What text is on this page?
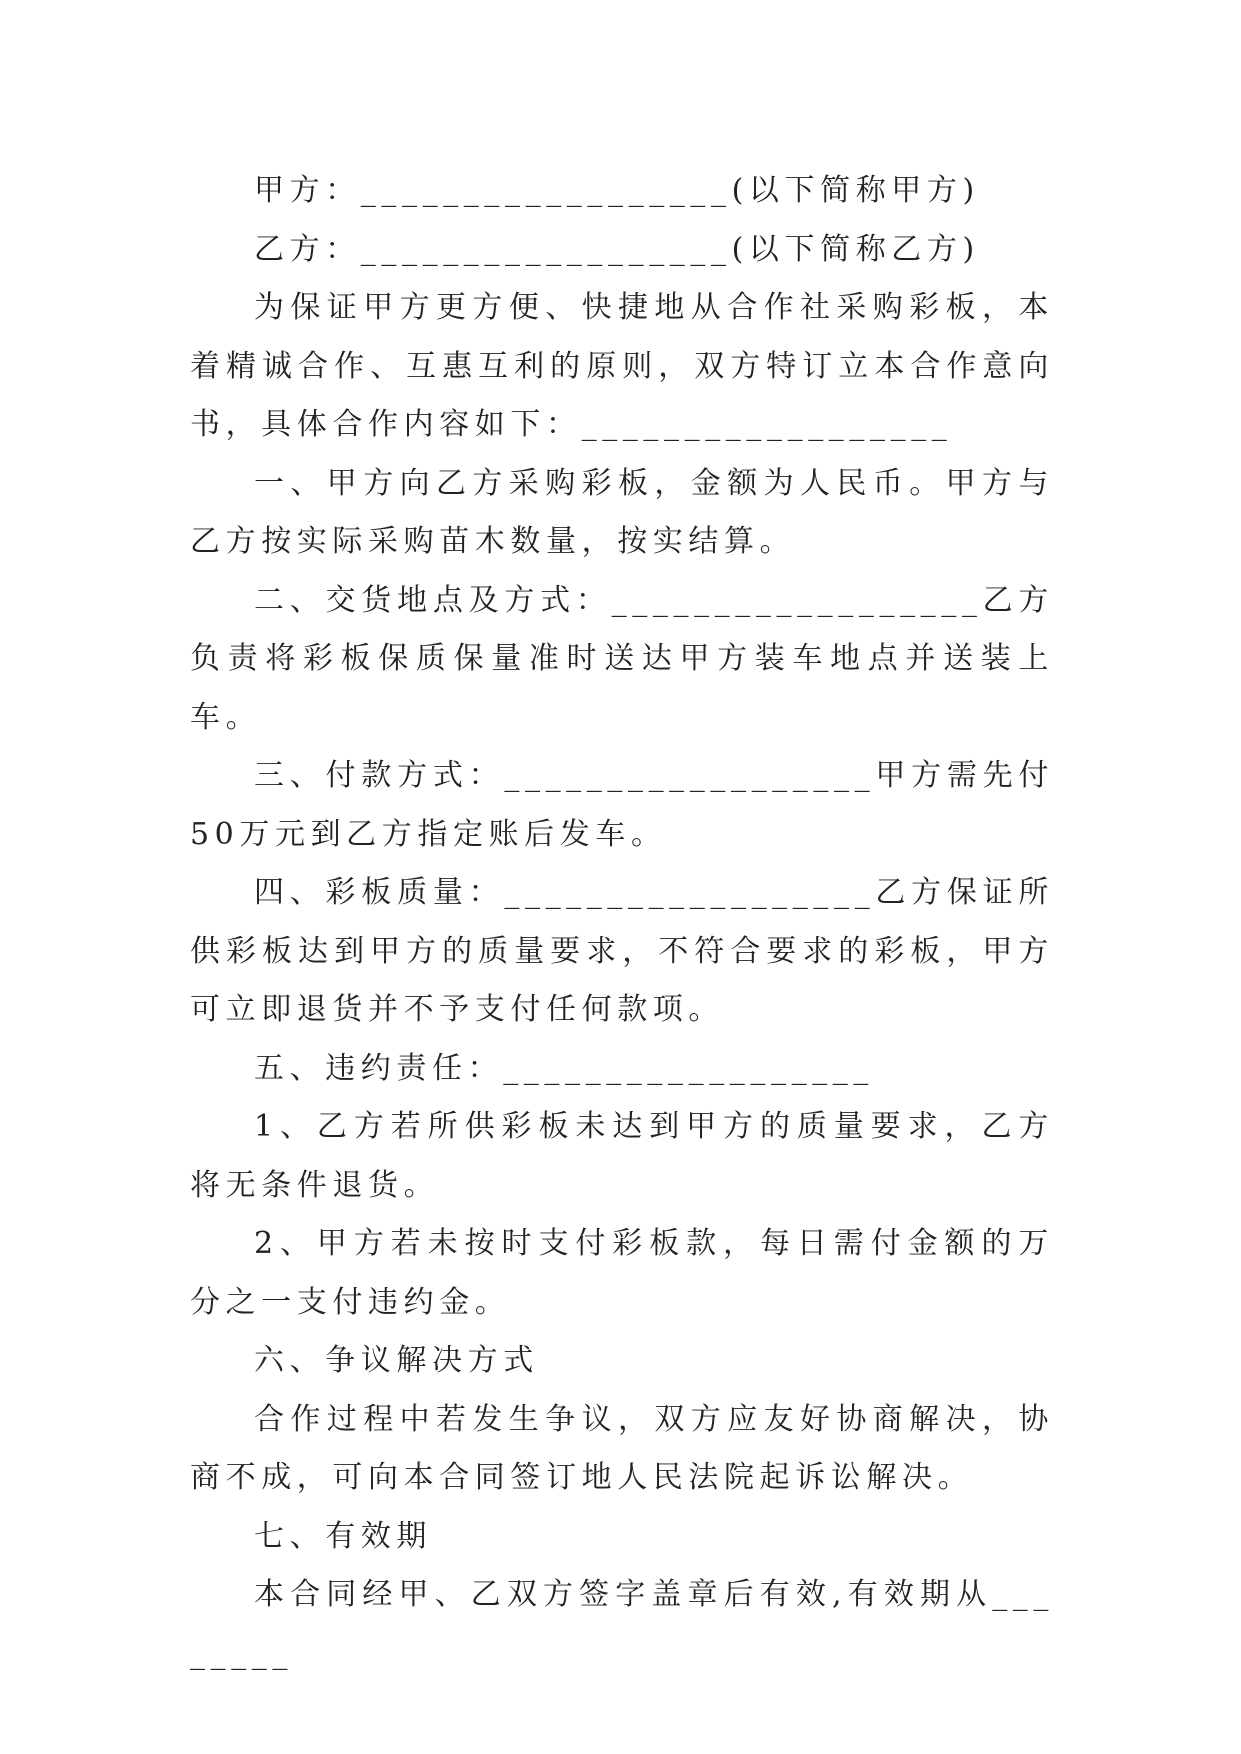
甲方：__________________(以下简称甲方)

乙方：__________________(以下简称乙方)

为保证甲方更方便、快捷地从合作社采购彩板，本着精诚合作、互惠互利的原则，双方特订立本合作意向书，具体合作内容如下：__________________

一、甲方向乙方采购彩板，金额为人民币。甲方与乙方按实际采购苗木数量，按实结算。

二、交货地点及方式：__________________乙方负责将彩板保质保量准时送达甲方装车地点并送装上车。

三、付款方式：__________________甲方需先付50万元到乙方指定账后发车。

四、彩板质量：__________________乙方保证所供彩板达到甲方的质量要求，不符合要求的彩板，甲方可立即退货并不予支付任何款项。

五、违约责任：__________________

1、乙方若所供彩板未达到甲方的质量要求，乙方将无条件退货。

2、甲方若未按时支付彩板款，每日需付金额的万分之一支付违约金。

六、争议解决方式

合作过程中若发生争议，双方应友好协商解决，协商不成，可向本合同签订地人民法院起诉讼解决。

七、有效期

本合同经甲、乙双方签字盖章后有效,有效期从________
